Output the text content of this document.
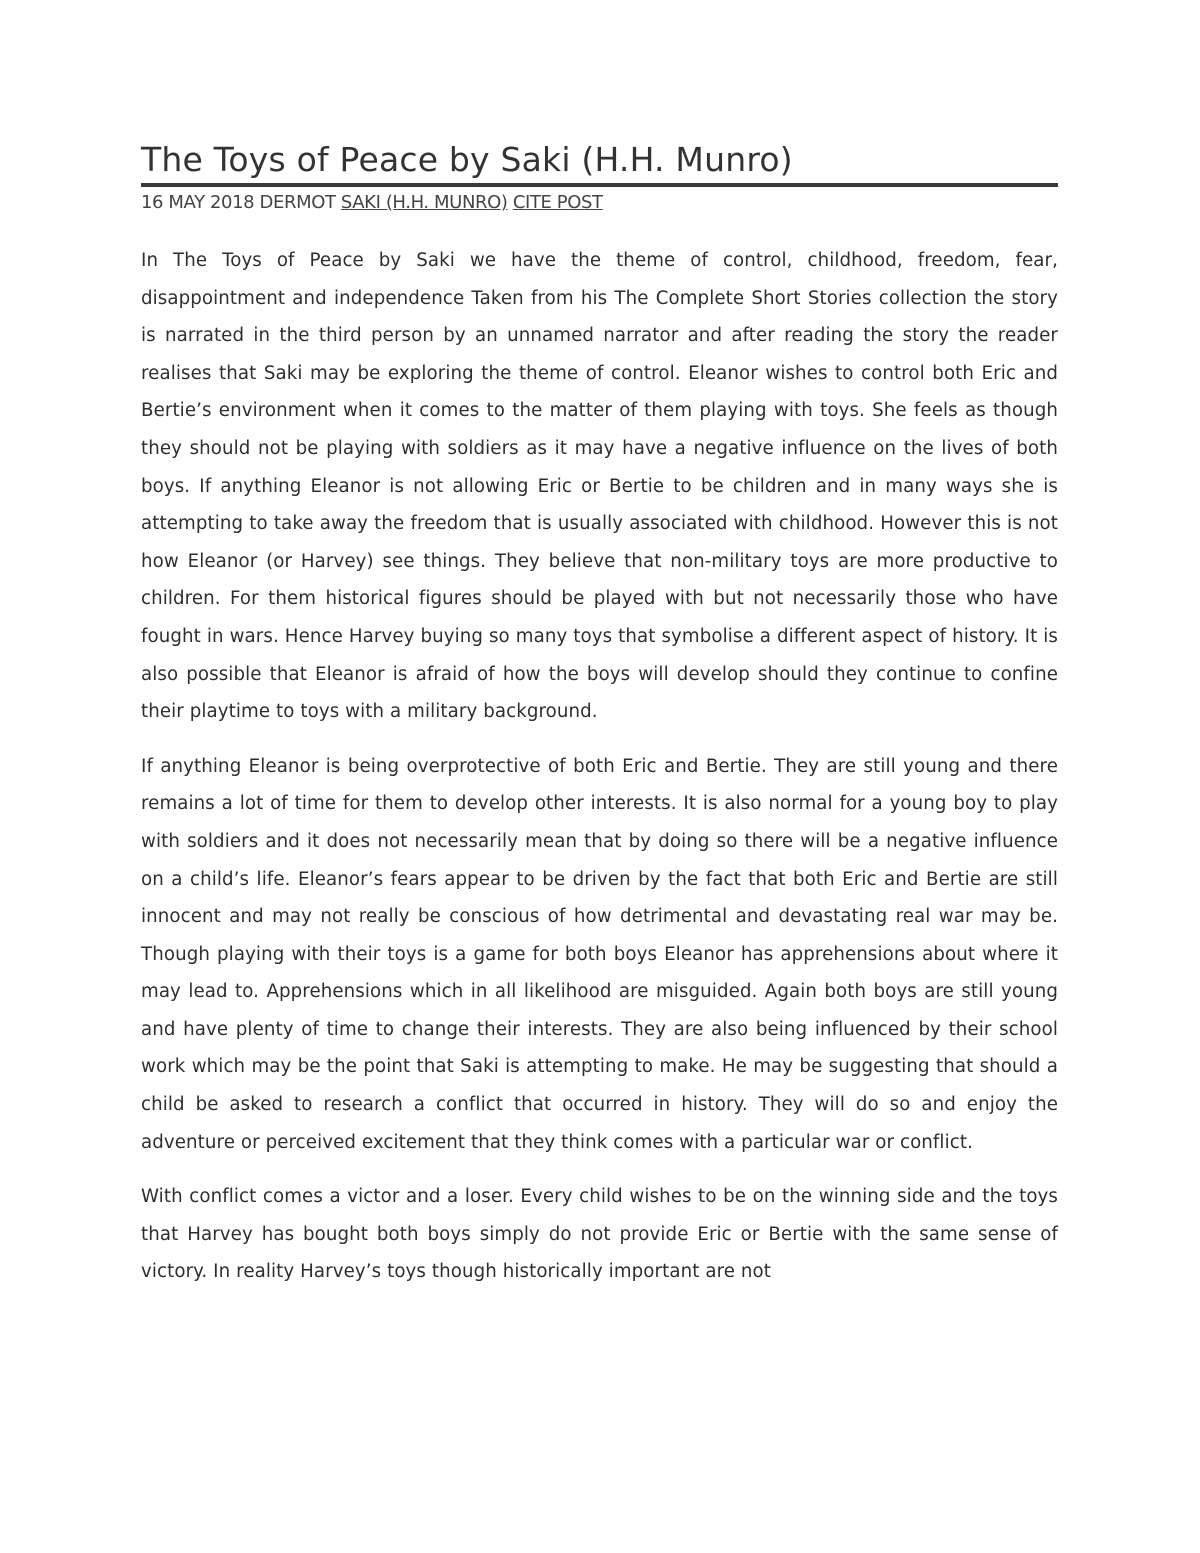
The Toys of Peace by Saki (H.H. Munro)
16 MAY 2018 DERMOT SAKI (H.H. MUNRO) CITE POST

In The Toys of Peace by Saki we have the theme of control, childhood, freedom, fear, disappointment and independence Taken from his The Complete Short Stories collection the story is narrated in the third person by an unnamed narrator and after reading the story the reader realises that Saki may be exploring the theme of control. Eleanor wishes to control both Eric and Bertie’s environment when it comes to the matter of them playing with toys. She feels as though they should not be playing with soldiers as it may have a negative influence on the lives of both boys. If anything Eleanor is not allowing Eric or Bertie to be children and in many ways she is attempting to take away the freedom that is usually associated with childhood. However this is not how Eleanor (or Harvey) see things. They believe that non-military toys are more productive to children. For them historical figures should be played with but not necessarily those who have fought in wars. Hence Harvey buying so many toys that symbolise a different aspect of history. It is also possible that Eleanor is afraid of how the boys will develop should they continue to confine their playtime to toys with a military background.

If anything Eleanor is being overprotective of both Eric and Bertie. They are still young and there remains a lot of time for them to develop other interests. It is also normal for a young boy to play with soldiers and it does not necessarily mean that by doing so there will be a negative influence on a child’s life. Eleanor’s fears appear to be driven by the fact that both Eric and Bertie are still innocent and may not really be conscious of how detrimental and devastating real war may be. Though playing with their toys is a game for both boys Eleanor has apprehensions about where it may lead to. Apprehensions which in all likelihood are misguided. Again both boys are still young and have plenty of time to change their interests. They are also being influenced by their school work which may be the point that Saki is attempting to make. He may be suggesting that should a child be asked to research a conflict that occurred in history. They will do so and enjoy the adventure or perceived excitement that they think comes with a particular war or conflict.

With conflict comes a victor and a loser. Every child wishes to be on the winning side and the toys that Harvey has bought both boys simply do not provide Eric or Bertie with the same sense of victory. In reality Harvey’s toys though historically important are not
